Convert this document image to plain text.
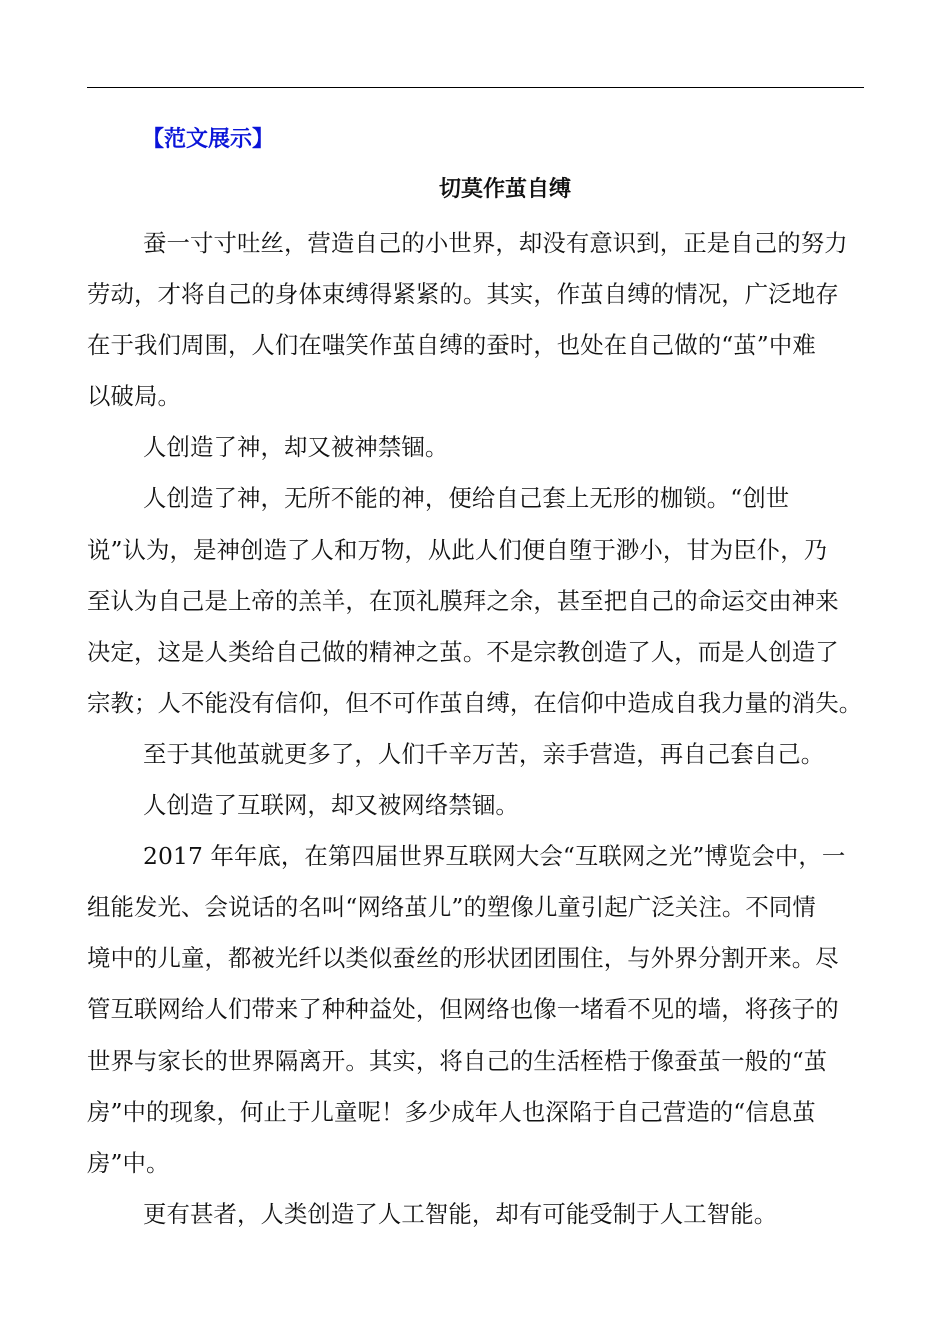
【范文展示】
切莫作茧自缚
蚕一寸寸吐丝，营造自己的小世界，却没有意识到，正是自己的努力
劳动，才将自己的身体束缚得紧紧的。其实，作茧自缚的情况，广泛地存
在于我们周围，人们在嗤笑作茧自缚的蚕时，也处在自己做的“茧”中难
以破局。
人创造了神，却又被神禁锢。
人创造了神，无所不能的神，便给自己套上无形的枷锁。“创世
说”认为，是神创造了人和万物，从此人们便自堕于渺小，甘为臣仆，乃
至认为自己是上帝的羔羊，在顶礼膜拜之余，甚至把自己的命运交由神来
决定，这是人类给自己做的精神之茧。不是宗教创造了人，而是人创造了
宗教；人不能没有信仰，但不可作茧自缚，在信仰中造成自我力量的消失。
至于其他茧就更多了，人们千辛万苦，亲手营造，再自己套自己。
人创造了互联网，却又被网络禁锢。
2017 年年底，在第四届世界互联网大会“互联网之光”博览会中，一
组能发光、会说话的名叫“网络茧儿”的塑像儿童引起广泛关注。不同情
境中的儿童，都被光纤以类似蚕丝的形状团团围住，与外界分割开来。尽
管互联网给人们带来了种种益处，但网络也像一堵看不见的墙，将孩子的
世界与家长的世界隔离开。其实，将自己的生活桎梏于像蚕茧一般的“茧
房”中的现象，何止于儿童呢！多少成年人也深陷于自己营造的“信息茧
房”中。
更有甚者，人类创造了人工智能，却有可能受制于人工智能。
